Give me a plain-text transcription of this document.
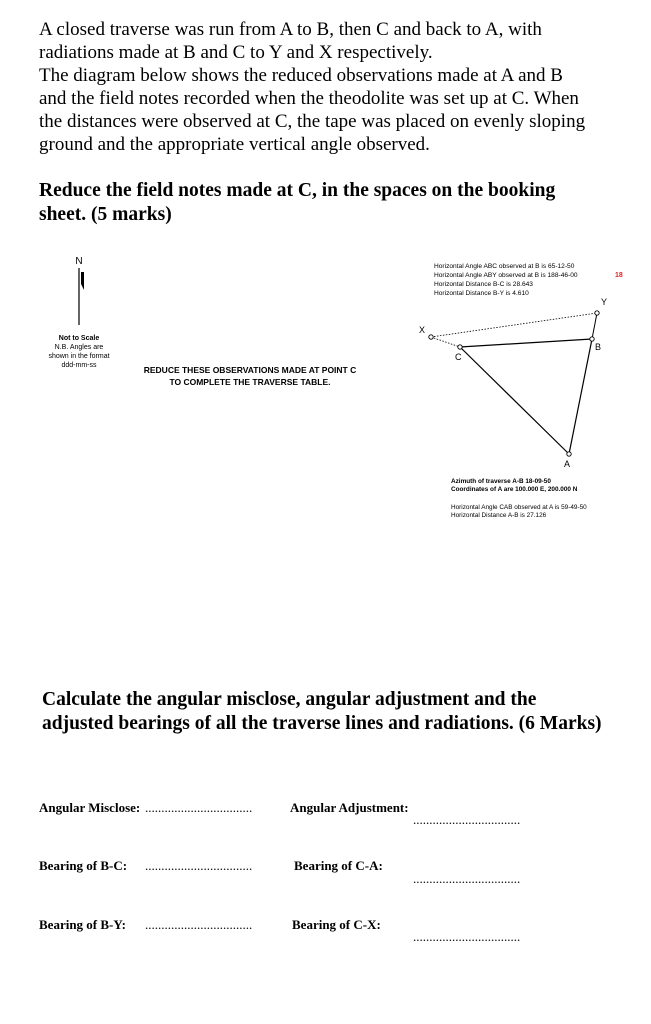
A closed traverse was run from A to B, then C and back to A, with

radiations made at B and C to Y and X respectively.

The diagram below shows the reduced observations made at A and B

and the field notes recorded when the theodolite was set up at C. When

the distances were observed at C, the tape was placed on evenly sloping

ground and the appropriate vertical angle observed.

Reduce the field notes made at C, in the spaces on the booking
sheet. (5 marks)
N
Not to Scale
N.B. Angles are
shown in the format
ddd-mm-ss	REDUCE THESE OBSERVATIONS MADE AT POINT C
TO COMPLETE THE TRAVERSE TABLE.
Horizontal Angle ABC observed at B is 65-12-50
Horizontal Angle ABY observed at B is 188-46-00
Horizontal Distance B-C is 28.643
Horizontal Distance B-Y is 4.610
18
X
C
Y
B
A
Azimuth of traverse A-B 18-09-50
Coordinates of A are 100.000 E, 200.000 N
Horizontal Angle CAB observed at A is 59-49-50
Horizontal Distance A-B is 27.126
Calculate the angular misclose, angular adjustment and the
adjusted bearings of all the traverse lines and radiations. (6 Marks)
Angular Misclose: .................................	Angular Adjustment:
.................................
Bearing of B-C: .................................	Bearing of C-A:
.................................
Bearing of B-Y: .................................	Bearing of C-X:
.................................
